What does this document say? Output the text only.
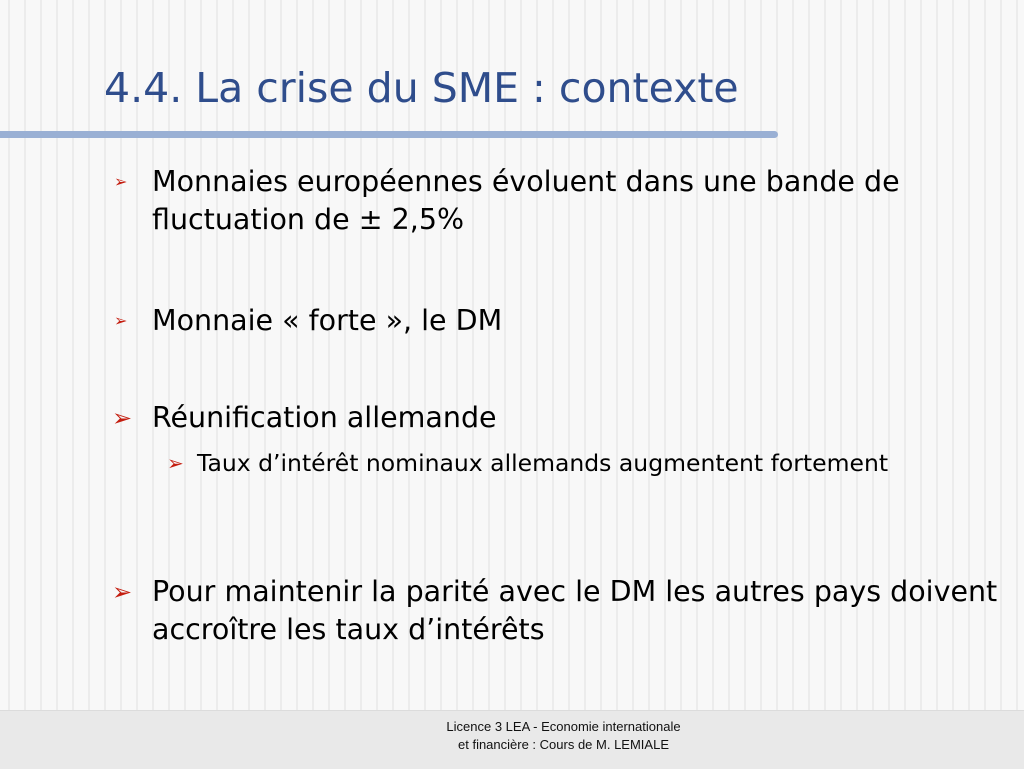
4.4. La crise du SME : contexte
➢ Monnaies européennes évoluent dans une bande de fluctuation de ± 2,5%
➢ Monnaie « forte », le DM
➢ Réunification allemande
➢ Taux d’intérêt nominaux allemands augmentent fortement
➢ Pour maintenir la parité avec le DM les autres pays doivent accroître les taux d’intérêts
Licence 3 LEA - Economie internationale
et financière : Cours de M. LEMIALE
